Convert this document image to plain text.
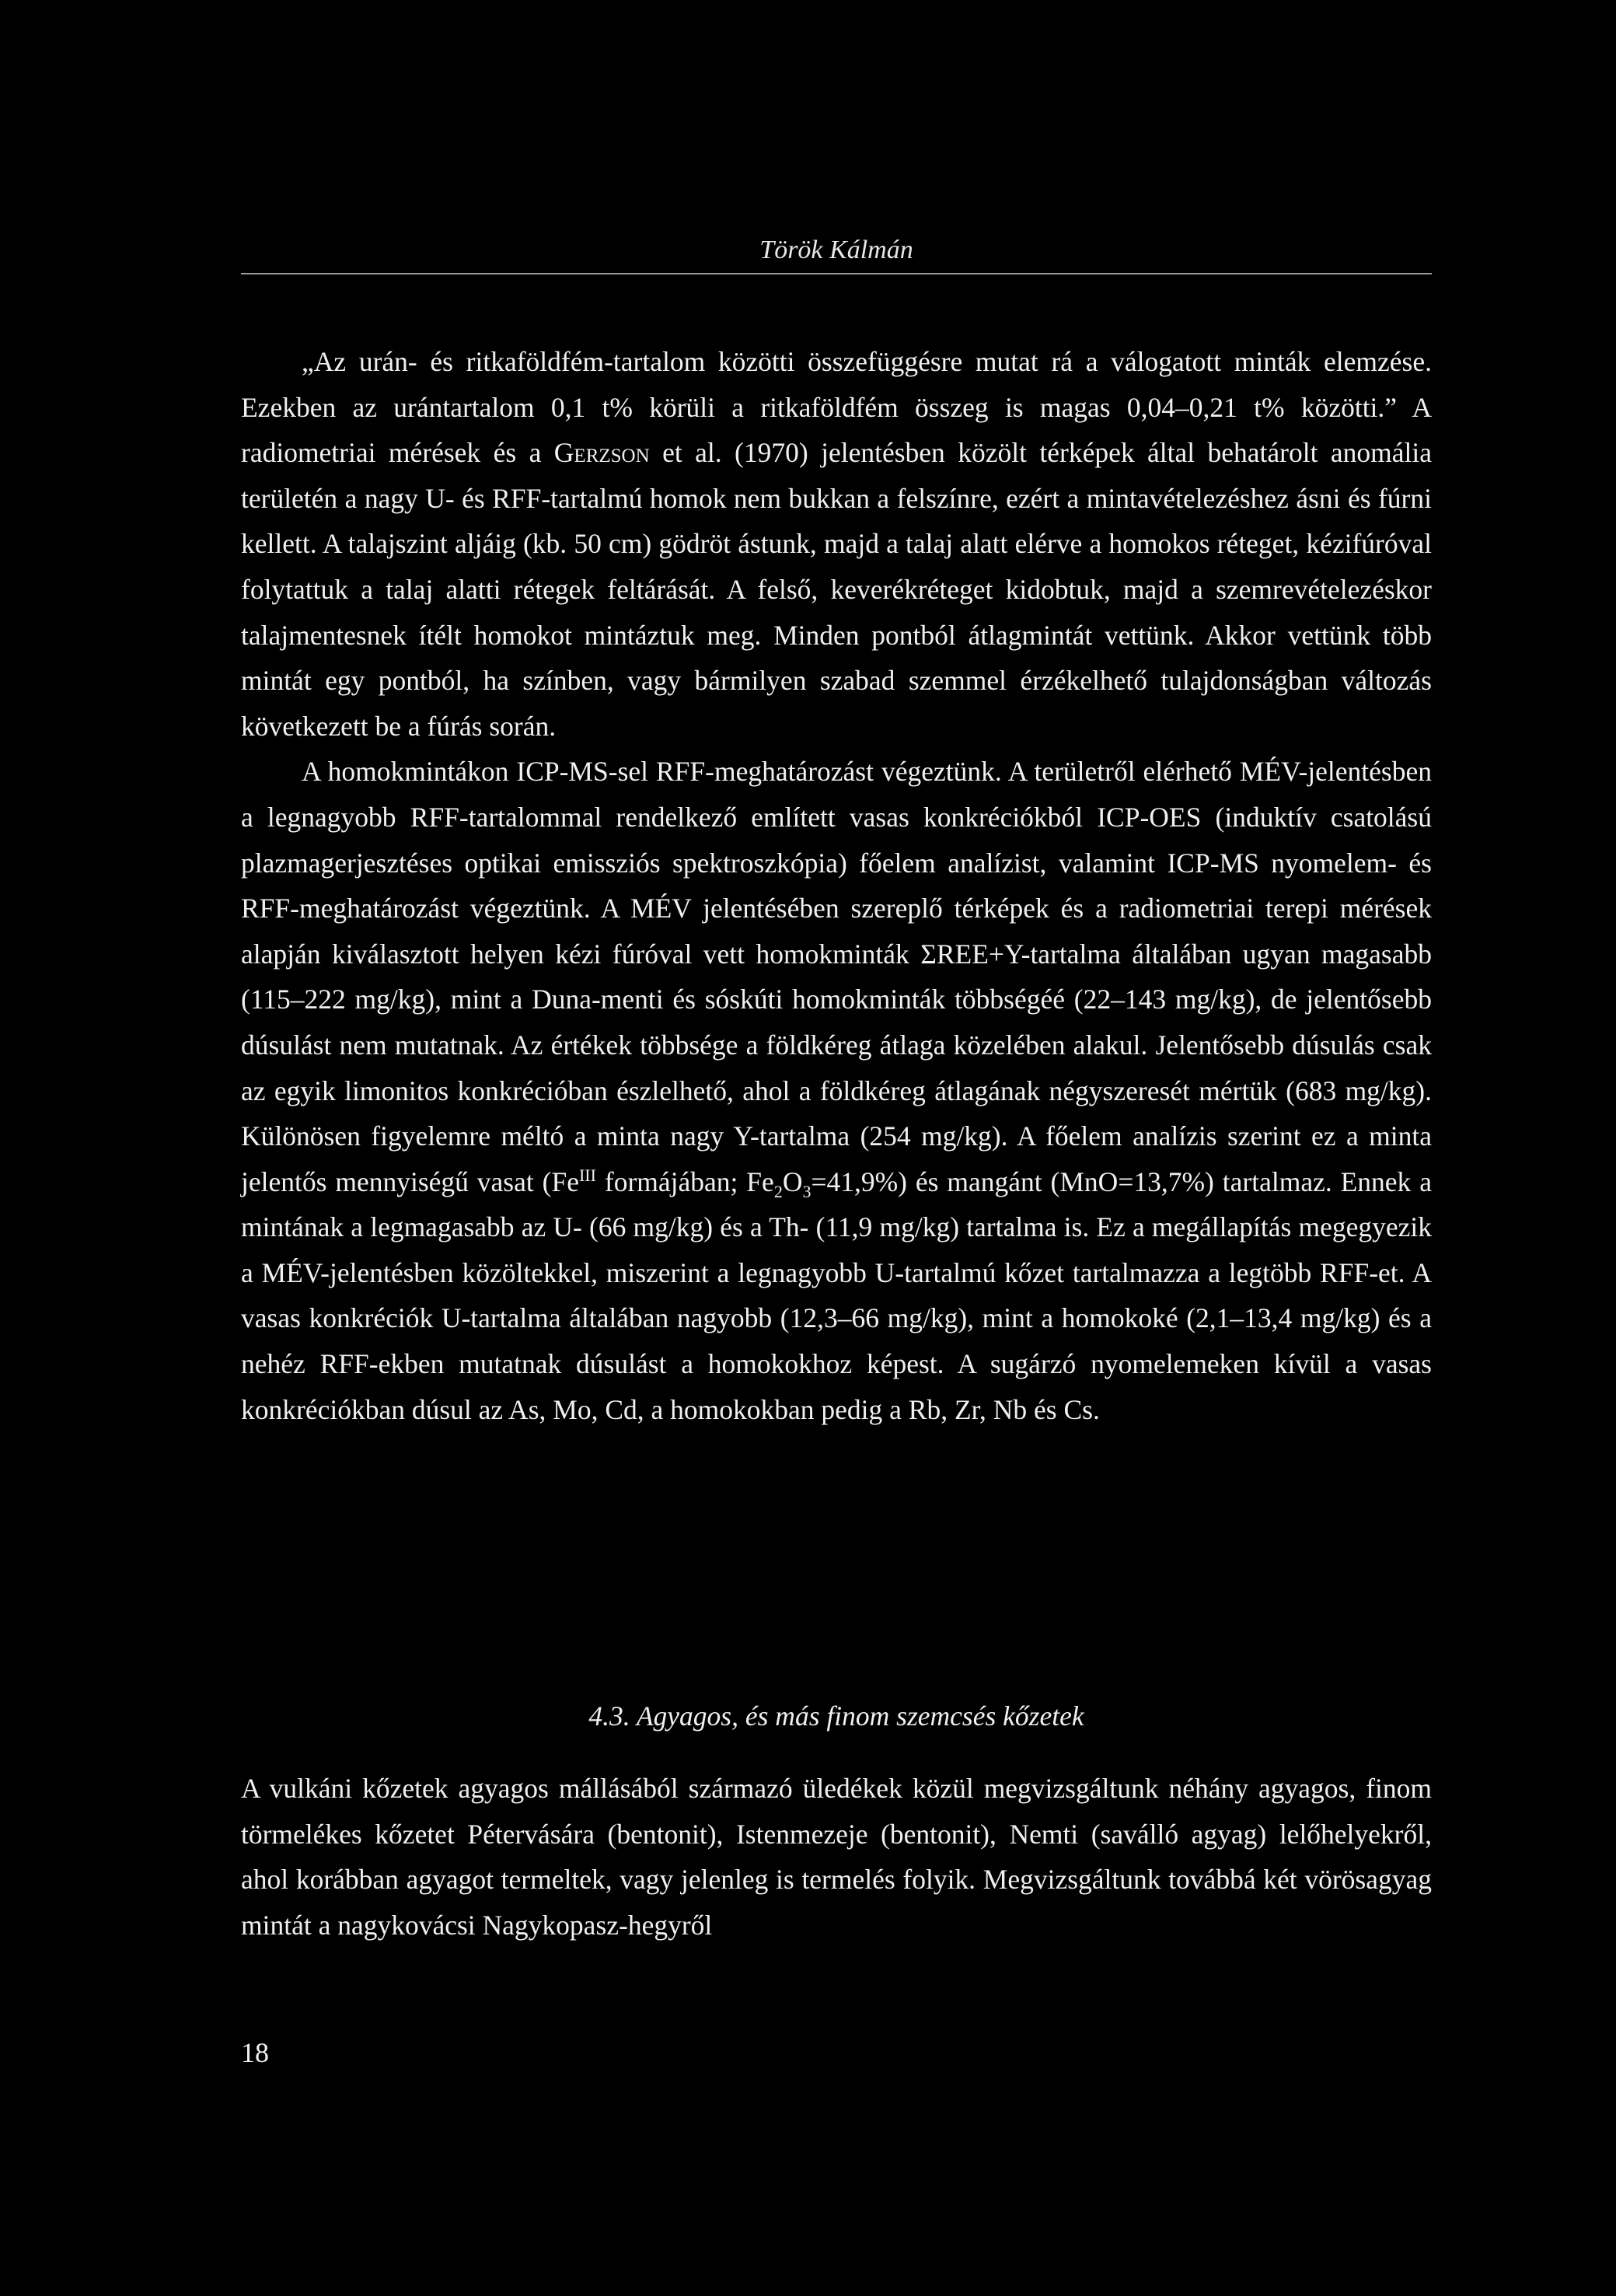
Török Kálmán

„Az urán- és ritkaföldfém-tartalom közötti összefüggésre mutat rá a válogatott minták elemzése. Ezekben az urántartalom 0,1 t% körüli a ritkaföldfém összeg is magas 0,04–0,21 t% közötti.” A radiometriai mérések és a Gerzson et al. (1970) jelentésben közölt térképek által behatárolt anomália területén a nagy U- és RFF-tartalmú homok nem bukkan a felszínre, ezért a mintavételezéshez ásni és fúrni kellett. A talajszint aljáig (kb. 50 cm) gödröt ástunk, majd a talaj alatt elérve a homokos réteget, kézifúróval folytattuk a talaj alatti rétegek feltárását. A felső, keverékréteget kidobtuk, majd a szemrevételezéskor talajmentesnek ítélt homokot mintáztuk meg. Minden pontból átlagmintát vettünk. Akkor vettünk több mintát egy pontból, ha színben, vagy bármilyen szabad szemmel érzékelhető tulajdonságban változás következett be a fúrás során.

A homokmintákon ICP-MS-sel RFF-meghatározást végeztünk. A területről elérhető MÉV-jelentésben a legnagyobb RFF-tartalommal rendelkező említett vasas konkréciókból ICP-OES (induktív csatolású plazmagerjesztéses optikai emissziós spektroszkópia) főelem analízist, valamint ICP-MS nyomelem- és RFF-meghatározást végeztünk. A MÉV jelentésében szereplő térképek és a radiometriai terepi mérések alapján kiválasztott helyen kézi fúróval vett homokminták ΣREE+Y-tartalma általában ugyan magasabb (115–222 mg/kg), mint a Duna-menti és sóskúti homokminták többségéé (22–143 mg/kg), de jelentősebb dúsulást nem mutatnak. Az értékek többsége a földkéreg átlaga közelében alakul. Jelentősebb dúsulás csak az egyik limonitos konkrécióban észlelhető, ahol a földkéreg átlagának négyszeresét mértük (683 mg/kg). Különösen figyelemre méltó a minta nagy Y-tartalma (254 mg/kg). A főelem analízis szerint ez a minta jelentős mennyiségű vasat ($Fe^{III}$ formájában; $Fe_2O_3=41,9\%$) és mangánt (MnO=13,7%) tartalmaz. Ennek a mintának a legmagasabb az U- (66 mg/kg) és a Th- (11,9 mg/kg) tartalma is. Ez a megállapítás megegyezik a MÉV-jelentésben közöltekkel, miszerint a legnagyobb U-tartalmú kőzet tartalmazza a legtöbb RFF-et. A vasas konkréciók U-tartalma általában nagyobb (12,3–66 mg/kg), mint a homokoké (2,1–13,4 mg/kg) és a nehéz RFF-ekben mutatnak dúsulást a homokokhoz képest. A sugárzó nyomelemeken kívül a vasas konkréciókban dúsul az As, Mo, Cd, a homokokban pedig a Rb, Zr, Nb és Cs.

4.3. Agyagos, és más finom szemcsés kőzetek

A vulkáni kőzetek agyagos mállásából származó üledékek közül megvizsgáltunk néhány agyagos, finom törmelékes kőzetet Pétervására (bentonit), Istenmezeje (bentonit), Nemti (saválló agyag) lelőhelyekről, ahol korábban agyagot termeltek, vagy jelenleg is termelés folyik. Megvizsgáltunk továbbá két vörösagyag mintát a nagykovácsi Nagykopasz-hegyről

18
